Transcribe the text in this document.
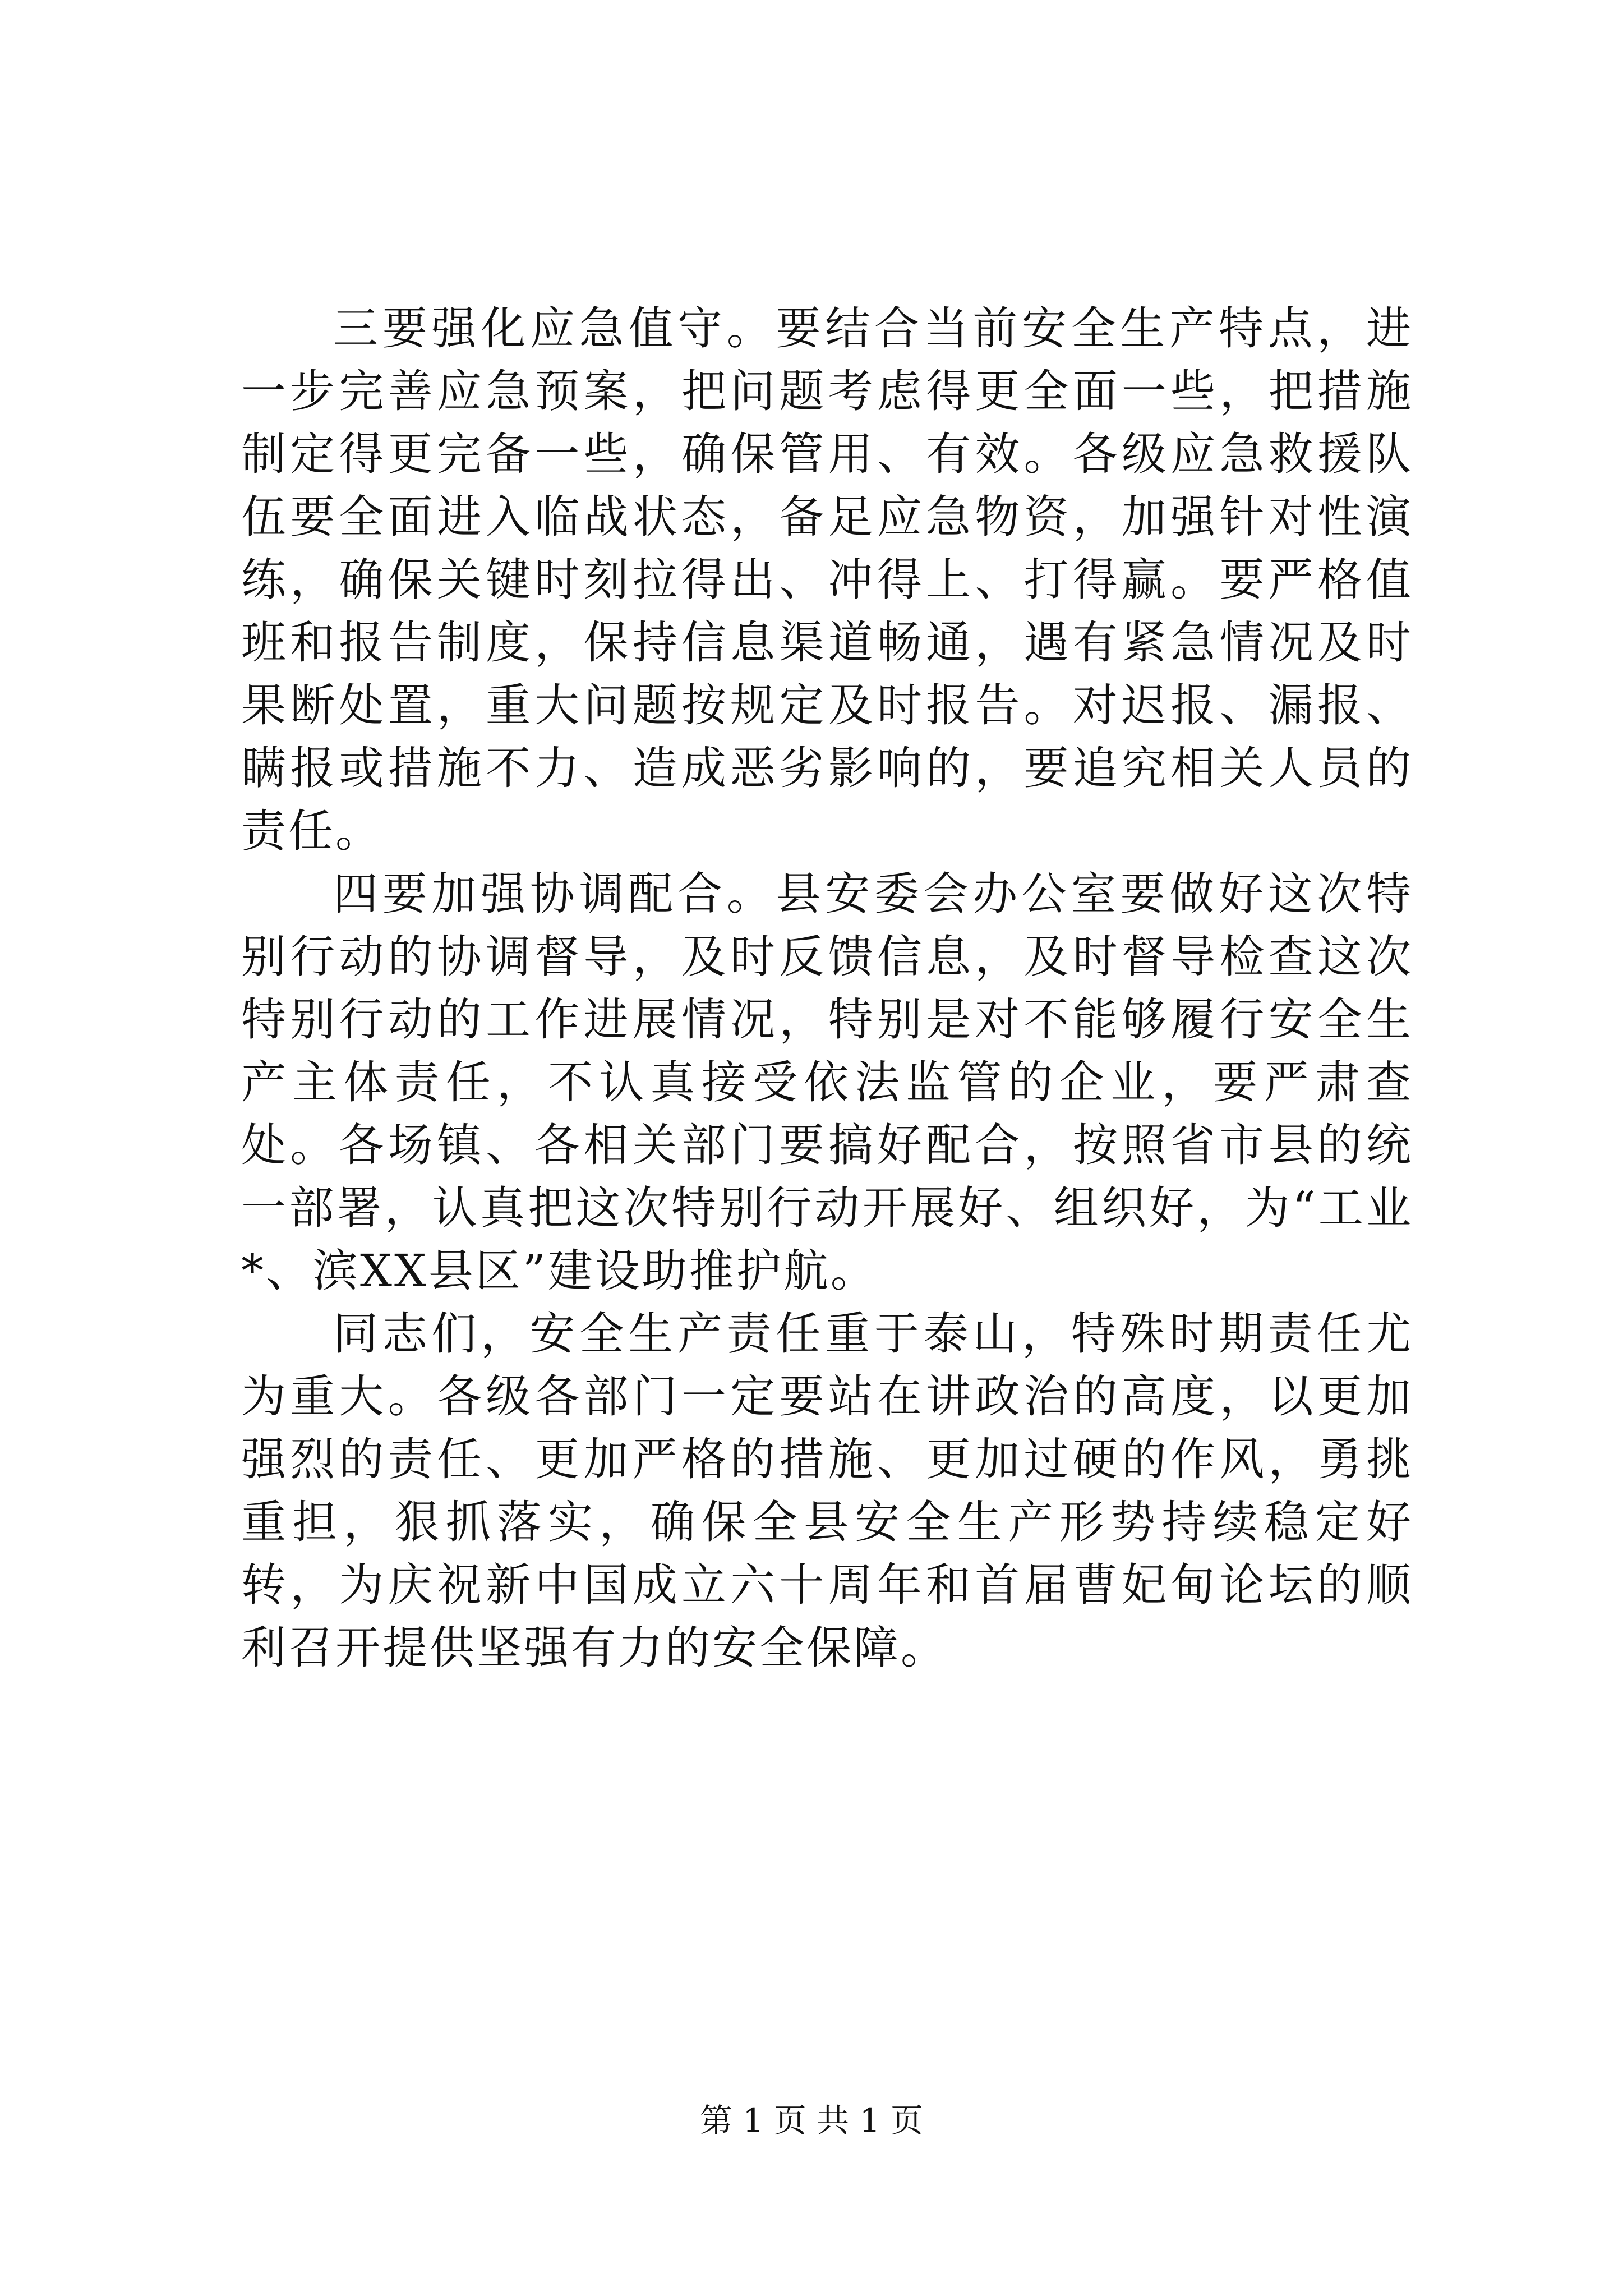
三要强化应急值守。要结合当前安全生产特点，进一步完善应急预案，把问题考虑得更全面一些，把措施制定得更完备一些，确保管用、有效。各级应急救援队伍要全面进入临战状态，备足应急物资，加强针对性演练，确保关键时刻拉得出、冲得上、打得赢。要严格值班和报告制度，保持信息渠道畅通，遇有紧急情况及时果断处置，重大问题按规定及时报告。对迟报、漏报、瞒报或措施不力、造成恶劣影响的，要追究相关人员的责任。

四要加强协调配合。县安委会办公室要做好这次特别行动的协调督导，及时反馈信息，及时督导检查这次特别行动的工作进展情况，特别是对不能够履行安全生产主体责任，不认真接受依法监管的企业，要严肃查处。各场镇、各相关部门要搞好配合，按照省市县的统一部署，认真把这次特别行动开展好、组织好，为“工业*、滨XX县区”建设助推护航。

同志们，安全生产责任重于泰山，特殊时期责任尤为重大。各级各部门一定要站在讲政治的高度，以更加强烈的责任、更加严格的措施、更加过硬的作风，勇挑重担，狠抓落实，确保全县安全生产形势持续稳定好转，为庆祝新中国成立六十周年和首届曹妃甸论坛的顺利召开提供坚强有力的安全保障。

第 1 页 共 1 页
